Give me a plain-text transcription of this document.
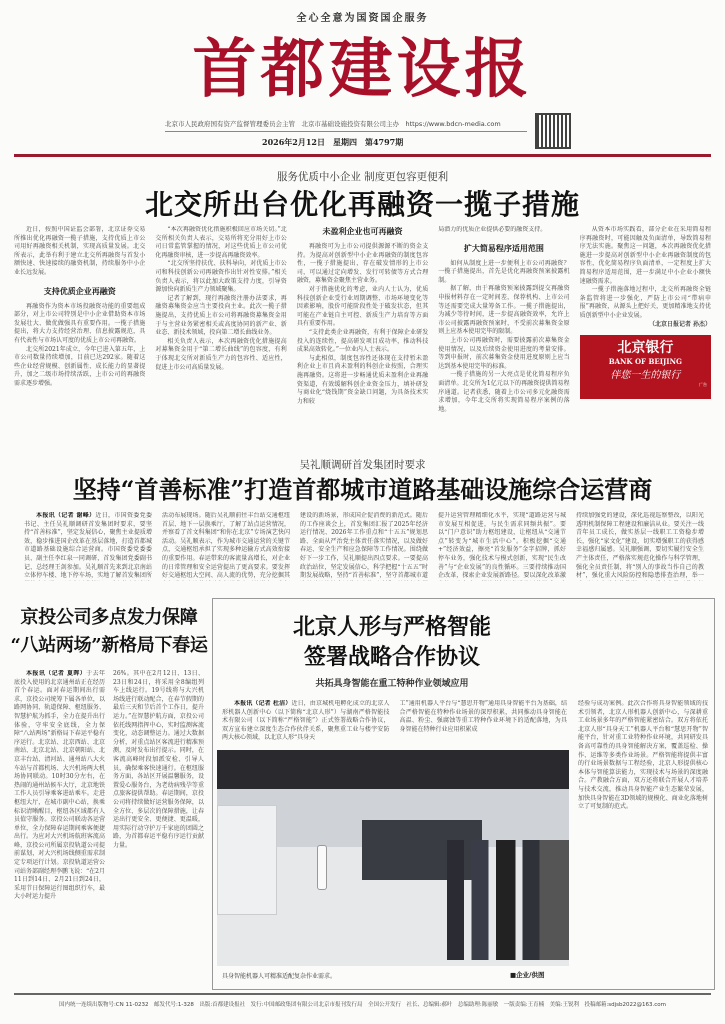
全心全意为国资国企服务
首都建设报
北京市人民政府国有资产监督管理委员会主管　北京市基础设施投资有限公司主办　https://www.bdcn-media.com
2026年2月12日　星期四　第4797期
服务优质中小企业 制度更包容更便利
北交所出台优化再融资一揽子措施

近日，按照中国证监会部署，北京证券交易所推出优化再融资一揽子措施，支持优质上市公司用好再融资相关机制，实现高质量发展。北交所表示，此举有利于建立北交所再融资与首发小额快速、快速接续的融资机制，持续服务中小企业长远发展。

支持优质企业再融资

再融资作为资本市场投融资功能的重要组成部分，对上市公司特别是中小企业借助资本市场发展壮大、做优做强具有重要作用。一揽子措施提出，将大力支持经营治理、信息披露规范，具有代表性与市场认可度的优质上市公司再融资。

北交所2021年成立，今年已进入第五年，上市公司数量持续增加，目前已达292家。随着这些企业经营规模、创新属性、成长能力的显著提升，加之二级市场持续活跃，上市公司的再融资需求逐步增强。

“本次再融资优化措施积极回应市场关切。”北交所相关负责人表示，交易所将充分用好上市公司日常监管掌握的情况，对这些优质上市公司优化再融资审核，进一步提高再融资效率。

“北交所坚持扶优、扶科导向，对优质上市公司和科技创新公司再融资作出针对性安排。”相关负责人表示，将以此加大政策支持力度，引导资源加快向新质生产力领域聚集。

记者了解到，现行再融资注册办法要求，再融资募集资金应当主要投向主业。此次一揽子措施提出，支持优质上市公司将再融资募集资金用于与主营业务紧密相关或高度协同的新产业、新业态、新技术领域，投向第二增长曲线业务。

相关负责人表示，本次再融资优化措施提高对募集资金用于“第二增长曲线”的包容度，有利于体现北交所对新质生产力的包容性、适应性，促进上市公司高质量发展。

未盈利企业也可再融资

再融资可为上市公司提供源源不断的资金支持。为提高对创新型中小企业再融资的制度包容性，一揽子措施提出，存在破发情形的上市公司，可以通过定向增发、发行可转债等方式合理融资，募集资金聚焦主营业务。

对于措施优化的考虑，业内人士认为，优质科技创新企业受行业周期调整、市场环境变化等因素影响，股价可能阶段性处于破发状态，但其可能在产业链自主可控、新质生产力培育等方面具有重要作用。

“支持此类企业再融资，有利于保障企业研发投入的连续性，提高研发项目成功率，推动科技成果高效转化。”一位业内人士表示。

与此相似，制度包容性还体现在支持暂未盈利企业上市且尚未盈利的科创企业按照，合理实施再融资。这将进一步畅通优质未盈利企业再融资渠道，有效缓解科创企业资金压力，填补研发与商业化“烧钱期”资金缺口问题，为具备技术实力和较

局潜力的优质企业提供必要的融资支持。

扩大简易程序适用范围

如何从制度上进一步便利上市公司再融资？一揽子措施提出，首先是优化再融资预案披露机制。

据了解，由于再融资预案披露到提交再融资申报材料存在一定时间差，保荐机构、上市公司等还需要完成大量筹备工作。一揽子措施提出，为减少等待时间，进一步提高融资效率，允许上市公司披露再融资预案时，不受前次募集资金原则上应基本使用完毕的限制。

上市公司再融资时，需要披露前次募集资金使用情况，以及后续资金使用进度的考量安排。等到申报时，前次募集资金使用进度原则上应当达到基本使用完毕的标准。

一揽子措施的另一大亮点是优化简易程序负面清单。北交所为1亿元以下的再融资提供简易程序通道。记者获悉，随着上市公司多元化融资需求增加，今年北交所将实现简易程序案例的落地。

从资本市场实践看，部分企业在采用简易程序再融资时，可能因触及负面清单，导致简易程序无法实施。聚焦这一问题，本次再融资优化措施进一步提高对创新型中小企业再融资制度的包容性，优化简易程序负面清单，一定程度上扩大简易程序适用范围，进一步满足中小企业小额快速融资需求。

一揽子措施落地过程中，北交所再融资全链条监管将进一步强化，严防上市公司“带病申报”再融资，从源头上把好关，更加精准地支持优质创新型中小企业发展。

（北京日报记者 孙杰）
北京银行
BANK OF BEIJING
伴您一生的银行
广告
吴礼顺调研首发集团时要求
坚持“首善标准”打造首都城市道路基础设施综合运营商

本报讯（记者 谢峰）近日，市国资委党委书记、主任吴礼顺调研首发集团时要求，要坚持“首善标准”，坚定发展信心，聚焦主业提质增效，稳步推进国企改革在基层落地，打造首都城市道路基础设施综合运营商。市国资委党委委员、副主任李红泉一同调研，首发集团党委副书记、总经理王剑参加。吴礼顺首先来到北京南站立体停车楼、地下停车场，实地了解首发集团所

活动布展现场。随后吴礼顺前往丰台站交通枢纽首层、地下一层换乘厅，了解了站点运营情况，并察看了首文科集团“和你在北京”专场演艺快闪活动。吴礼顺表示，作为城市交通运营的关键节点，交通枢纽承担了实现多种运输方式高效衔接的重要作用。春运带来的客流量高增长，对企业的日常管理和安全运营提出了更高要求。要发挥好交通枢纽大空间、高人流的优势，充分挖掘其

建设的新场景，形成国企促消费的新范式。随后的工作座谈会上，首发集团汇报了2025年经济运行情况、2026年工作重点和“十五五”规划思路、全面从严治党主体责任落实情况，以及做好春运、安全生产和应急保障等工作情况。围绕做好下一步工作，吴礼顺提出四点要求。一要提高政治站位，坚定发展信心，科学把握“十五五”时期发展战略，坚持“首善标准”，坚守首都城市道

提升运营管理精细化水平，实现“道路运营与城市发展互相促进，与民生需求同频共振”。要以“门户意识”助力枢纽建设，让枢纽从“交通节点”转变为“城市生活中心”。积极挖掘“交通+”经济效益，擦亮“首发服务”金字招牌，抓好停车业务，强化技术与模式创新，实现“民生改善”与“企业发展”的良性循环。三要持续推动国企改革，探索企业发展新路径。要以深化改革激

持续加强党的建设，深化巡视巡察整改，以阳光透明机制保障工程建设和廉洁从业。要关注一线青年员工成长，做实基层一线职工工资稳步增长，强化“家文化”建设，切实增强职工的获得感幸福感归属感。吴礼顺强调，要切实履行安全生产主体责任，严格落实规范化操作与科学管理，强化全员责任制，将“别人的事故当作自己的教材”，强化重大风险防控和隐患排查治理，举一

京投公司多点发力保障
“八站两场”新格局下春运

本报讯（记者 夏晖）于去年底投入使用的北京通州站正在经历首个春运。面对春运期间出行需求，京投公司统筹下属各单位，以路网协同、轨道保障、枢纽服务、智慧护航为抓手，全力在提升出行体验，守牢安全底线，全力保障“八站两场”新格局下春运平稳有序运行。北京站、北京西站、北京南站、北京北站、北京朝阳站、北京丰台站、清河站、通州站八大火车站与首都机场、大兴机场两大机场协同联动。10时30分左右，在热闹的通州站候车大厅，北京地铁工作人员引导乘客进站乘车。走进枢纽大厅，在城市副中心站，换乘标识清晰醒目，枢纽各区域都有人员值守服务。京投公司联动各运营单位，全力保障春运期间乘客便捷出行。为应对大兴机场航班客流高峰，京投公司所属京投轨道公司提前谋划，对大兴机场线侧重需求制定专项运行计划。京投轨道运营公司站务部副经理李鹏飞说：“在2月11日到14日、2月21日到24日，采用节日保障运行图组织行车，最大小时运力提升

26%。其中在2月12日、13日、23日和24日，将采用全8编组列车上线运行。19号线将与大兴机场线进行联动配合，在春节假期的最后三天和节后首个工作日，提升运力。”在智慧护航方面，京投公司依托线网指挥中心，实时监测客流变化，动态调整运力。通过大数据分析，对重点站区客流进行精准预测，及时发布出行提示。同时，在客流高峰时段加派安检、引导人员，确保乘客快速通行。在枢纽服务方面，各站区开展温馨服务，设置爱心服务台，为老幼病残孕等重点旅客提供帮助。春运期间，京投公司将持续做好运营服务保障，以全方位、多层次的保障措施，让春运出行更安全、更便捷、更温暖，用实际行动守护万千家庭的团圆之路，为首都春运平稳有序运行贡献力量。

北京人形与严格智能
签署战略合作协议
共拓具身智能在重工特种作业领域应用

本报讯（记者 杜洁）近日，由京城机电孵化成立的北京人形机器人创新中心（以下简称“北京人形”）与湖南严格智能技术有限公司（以下简称“严格智能”）正式签署战略合作协议，双方宣布建立深度生态合作伙伴关系，聚焦重工业与楼宇安防两大核心领域，以北京人形“具身天

工”通用机器人平台与“慧思开物”通用具身智能平台为基础，结合严格智能在特种作业场景的深厚积累，共同推动具身智能在高温、粉尘、强腐蚀等重工特种作业环境下的适配落地，为具身智能在特种行业应用积累成

经验与成功案例。此次合作将具身智能领域的技术引领者，北京人形机器人创新中心，与深耕重工业场景多年的严格智能紧密结合。双方将依托北京人形“具身天工”机器人平台和“慧思开物”智能平台，针对重工业特种作业环境，共同研发具备高可靠性的具身智能解决方案，覆盖巡检、操作、运维等多类作业场景。严格智能将提供丰富的行业场景数据与工程经验，北京人形提供核心本体与智能算法能力，实现技术与场景的深度融合。产教融合方面，双方还将联合开展人才培养与技术交流，推动具身智能产业生态繁荣发展，加快具身智能在3D领域的规模化、商业化落地树立了可复制的范式。

具身智能机器人可精准适配复杂作业需求。	■企业/供图
国内统一连续出版物号:CN 11-0232　邮发代号:1-328　出版:首都建设报社　发行:中国邮政集团有限公司北京市报刊发行局　全国公开发行　社长、总编辑:郝叶　总编助理:陈丽敏　一版责编:王育楠　美编:王锐利　投稿邮箱:sdjsb2022@163.com
